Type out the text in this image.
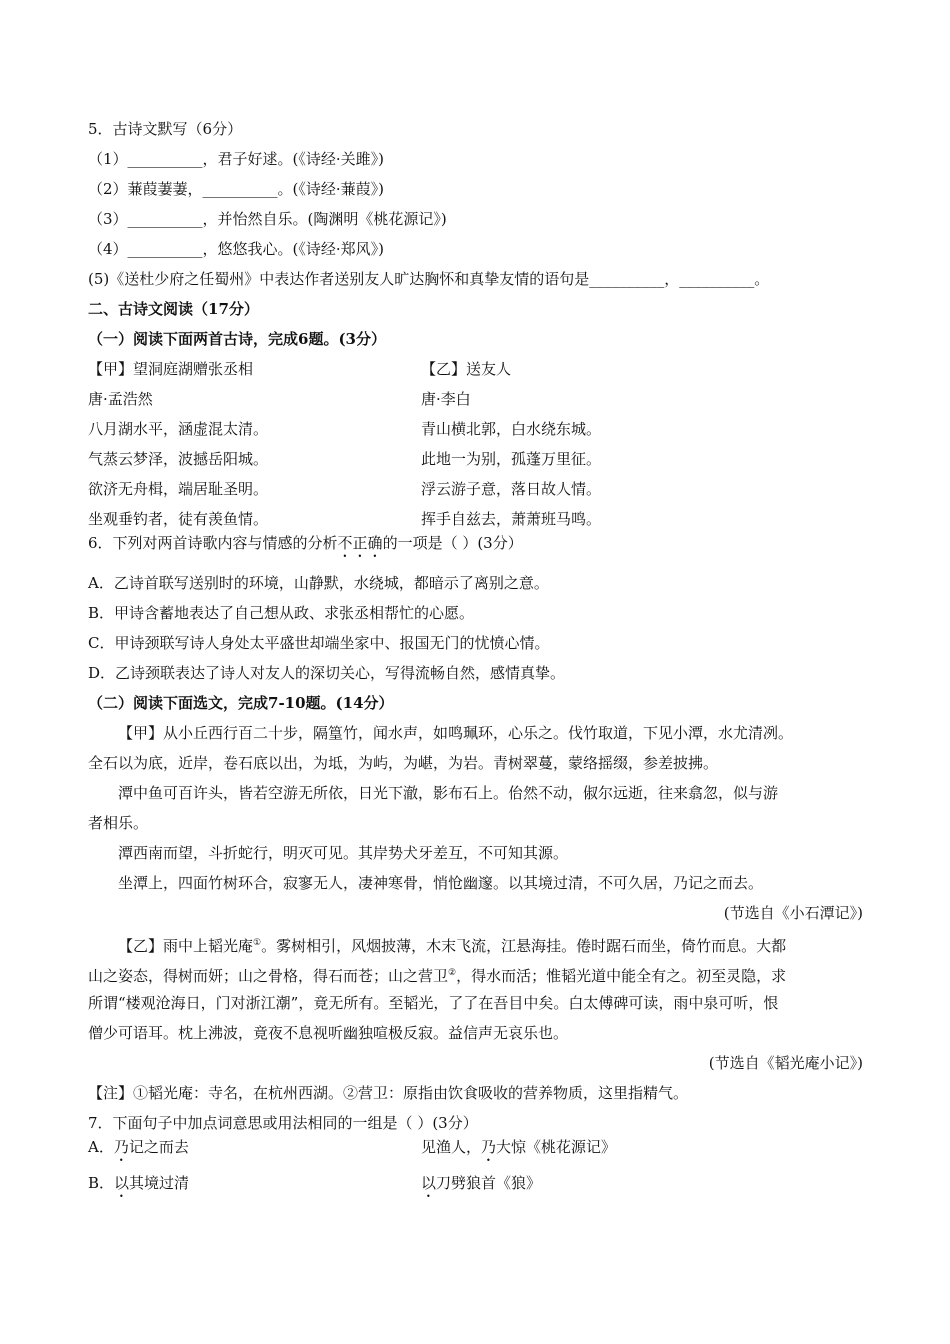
5．古诗文默写（6分）
（1）__________，君子好逑。(《诗经·关雎》)
（2）蒹葭萋萋，__________。(《诗经·蒹葭》)
（3）__________，并怡然自乐。(陶渊明《桃花源记》)
（4）__________，悠悠我心。(《诗经·郑风》)
(5)《送杜少府之任蜀州》中表达作者送别友人旷达胸怀和真挚友情的语句是__________，__________。
二、古诗文阅读（17分）
（一）阅读下面两首古诗，完成6题。(3分）
【甲】望洞庭湖赠张丞相
唐·孟浩然
八月湖水平，涵虚混太清。
气蒸云梦泽，波撼岳阳城。
欲济无舟楫，端居耻圣明。
坐观垂钓者，徒有羡鱼情。
【乙】送友人
唐·李白
青山横北郭，白水绕东城。
此地一为别，孤蓬万里征。
浮云游子意，落日故人情。
挥手自兹去，萧萧班马鸣。
6．下列对两首诗歌内容与情感的分析不正确的一项是（ ）(3分）
A．乙诗首联写送别时的环境，山静默，水绕城，都暗示了离别之意。
B．甲诗含蓄地表达了自己想从政、求张丞相帮忙的心愿。
C．甲诗颈联写诗人身处太平盛世却端坐家中、报国无门的忧愤心情。
D．乙诗颈联表达了诗人对友人的深切关心，写得流畅自然，感情真挚。
（二）阅读下面选文，完成7-10题。(14分）
【甲】从小丘西行百二十步，隔篁竹，闻水声，如鸣珮环，心乐之。伐竹取道，下见小潭，水尤清冽。
全石以为底，近岸，卷石底以出，为坻，为屿，为嵁，为岩。青树翠蔓，蒙络摇缀，参差披拂。
潭中鱼可百许头，皆若空游无所依，日光下澈，影布石上。佁然不动，俶尔远逝，往来翕忽，似与游
者相乐。
潭西南而望，斗折蛇行，明灭可见。其岸势犬牙差互，不可知其源。
坐潭上，四面竹树环合，寂寥无人，凄神寒骨，悄怆幽邃。以其境过清，不可久居，乃记之而去。
(节选自《小石潭记》)
【乙】雨中上韬光庵①。雾树相引，风烟披薄，木末飞流，江悬海挂。倦时踞石而坐，倚竹而息。大都
山之姿态，得树而妍；山之骨格，得石而苍；山之营卫②，得水而活；惟韬光道中能全有之。初至灵隐，求
所谓“楼观沧海日，门对浙江潮”，竟无所有。至韬光，了了在吾目中矣。白太傅碑可读，雨中泉可听，恨
僧少可语耳。枕上沸波，竟夜不息视听幽独喧极反寂。益信声无哀乐也。
(节选自《韬光庵小记》)
【注】①韬光庵：寺名，在杭州西湖。②营卫：原指由饮食吸收的营养物质，这里指精气。
7．下面句子中加点词意思或用法相同的一组是（ ）(3分）
A．乃记之而去	见渔人，乃大惊《桃花源记》
B．以其境过清	以刀劈狼首《狼》
